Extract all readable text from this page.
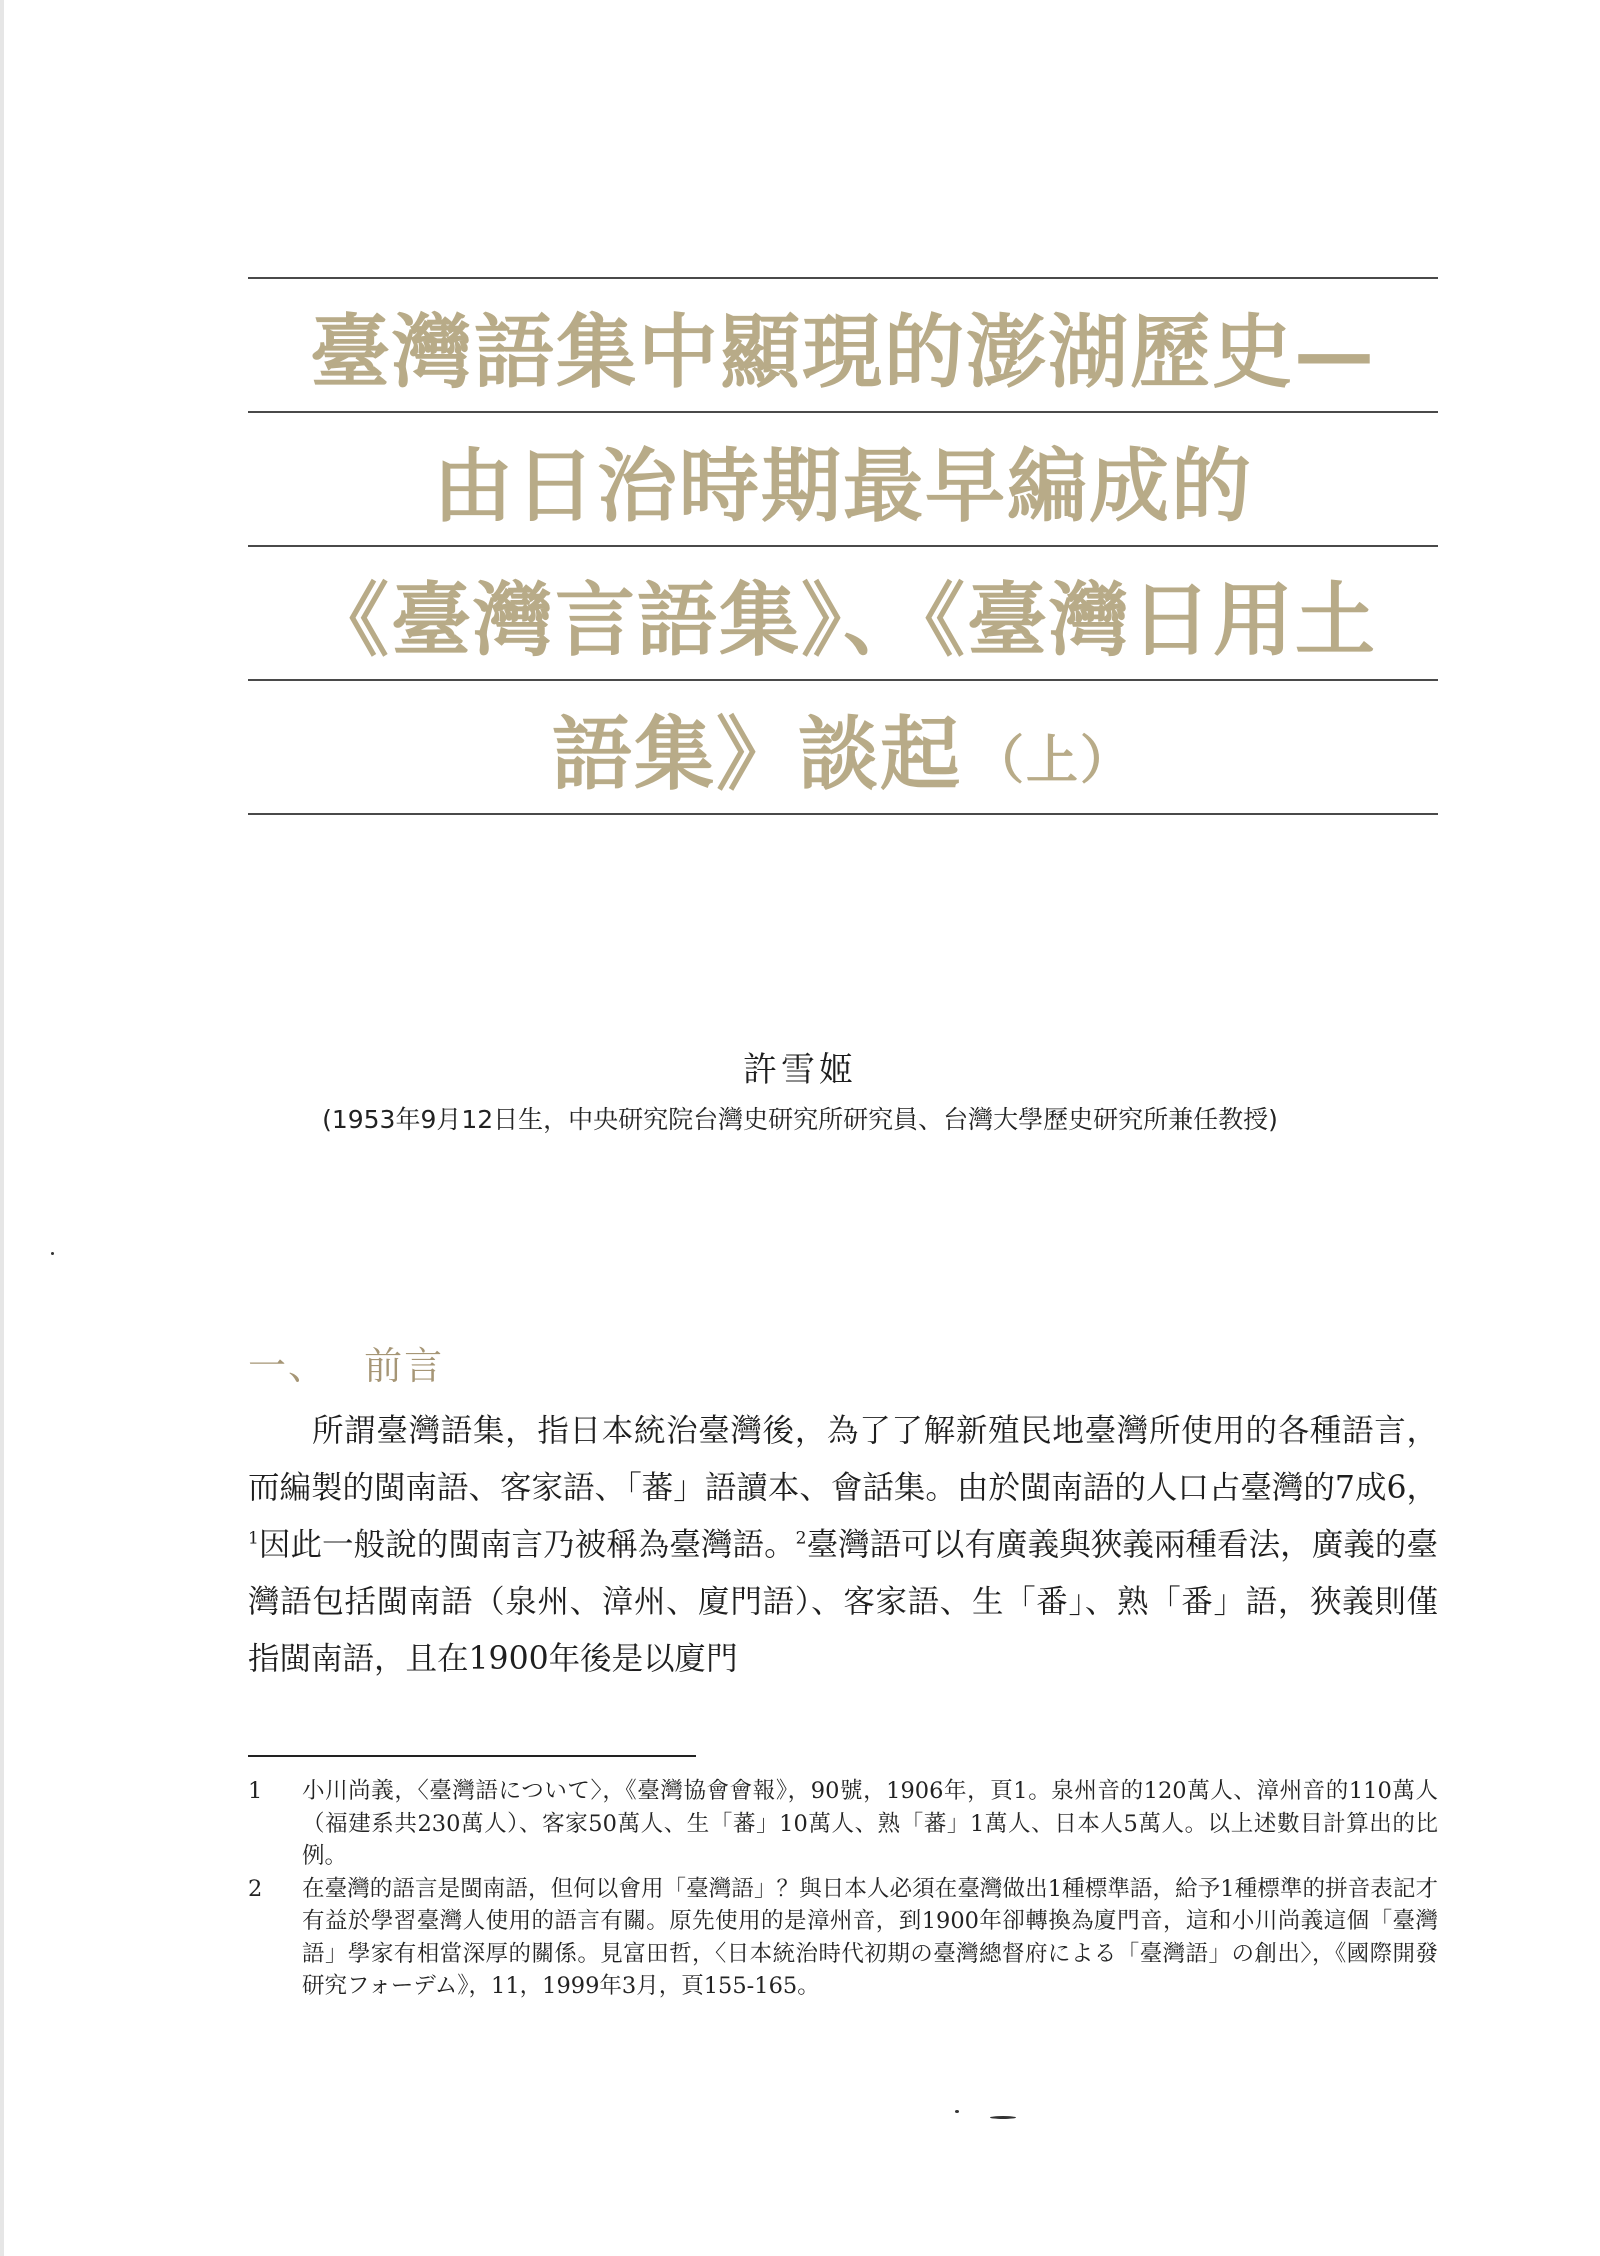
臺灣語集中顯現的澎湖歷史—
由日治時期最早編成的
《臺灣言語集》、《臺灣日用土
語集》談起 （上）
許雪姬
(1953年9月12日生，中央研究院台灣史研究所研究員、台灣大學歷史研究所兼任教授)
一、 前言
所謂臺灣語集，指日本統治臺灣後，為了了解新殖民地臺灣所使用的各種語言，而編製的閩南語、客家語、「蕃」語讀本、會話集。由於閩南語的人口占臺灣的7成6，$^1$因此一般說的閩南言乃被稱為臺灣語。$^2$臺灣語可以有廣義與狹義兩種看法，廣義的臺灣語包括閩南語（泉州、漳州、廈門語）、客家語、生「番」、熟「番」語，狹義則僅指閩南語，且在1900年後是以廈門
1	小川尚義，〈臺灣語について〉，《臺灣協會會報》，90號，1906年，頁1。泉州音的120萬人、漳州音的110萬人（福建系共230萬人）、客家50萬人、生「蕃」10萬人、熟「蕃」1萬人、日本人5萬人。以上述數目計算出的比例。
2	在臺灣的語言是閩南語，但何以會用「臺灣語」？與日本人必須在臺灣做出1種標準語，給予1種標準的拼音表記才有益於學習臺灣人使用的語言有關。原先使用的是漳州音，到1900年卻轉換為廈門音，這和小川尚義這個「臺灣語」學家有相當深厚的關係。見富田哲，〈日本統治時代初期の臺灣總督府による「臺灣語」の創出〉，《國際開發研究フォーデム》，11，1999年3月，頁155-165。
